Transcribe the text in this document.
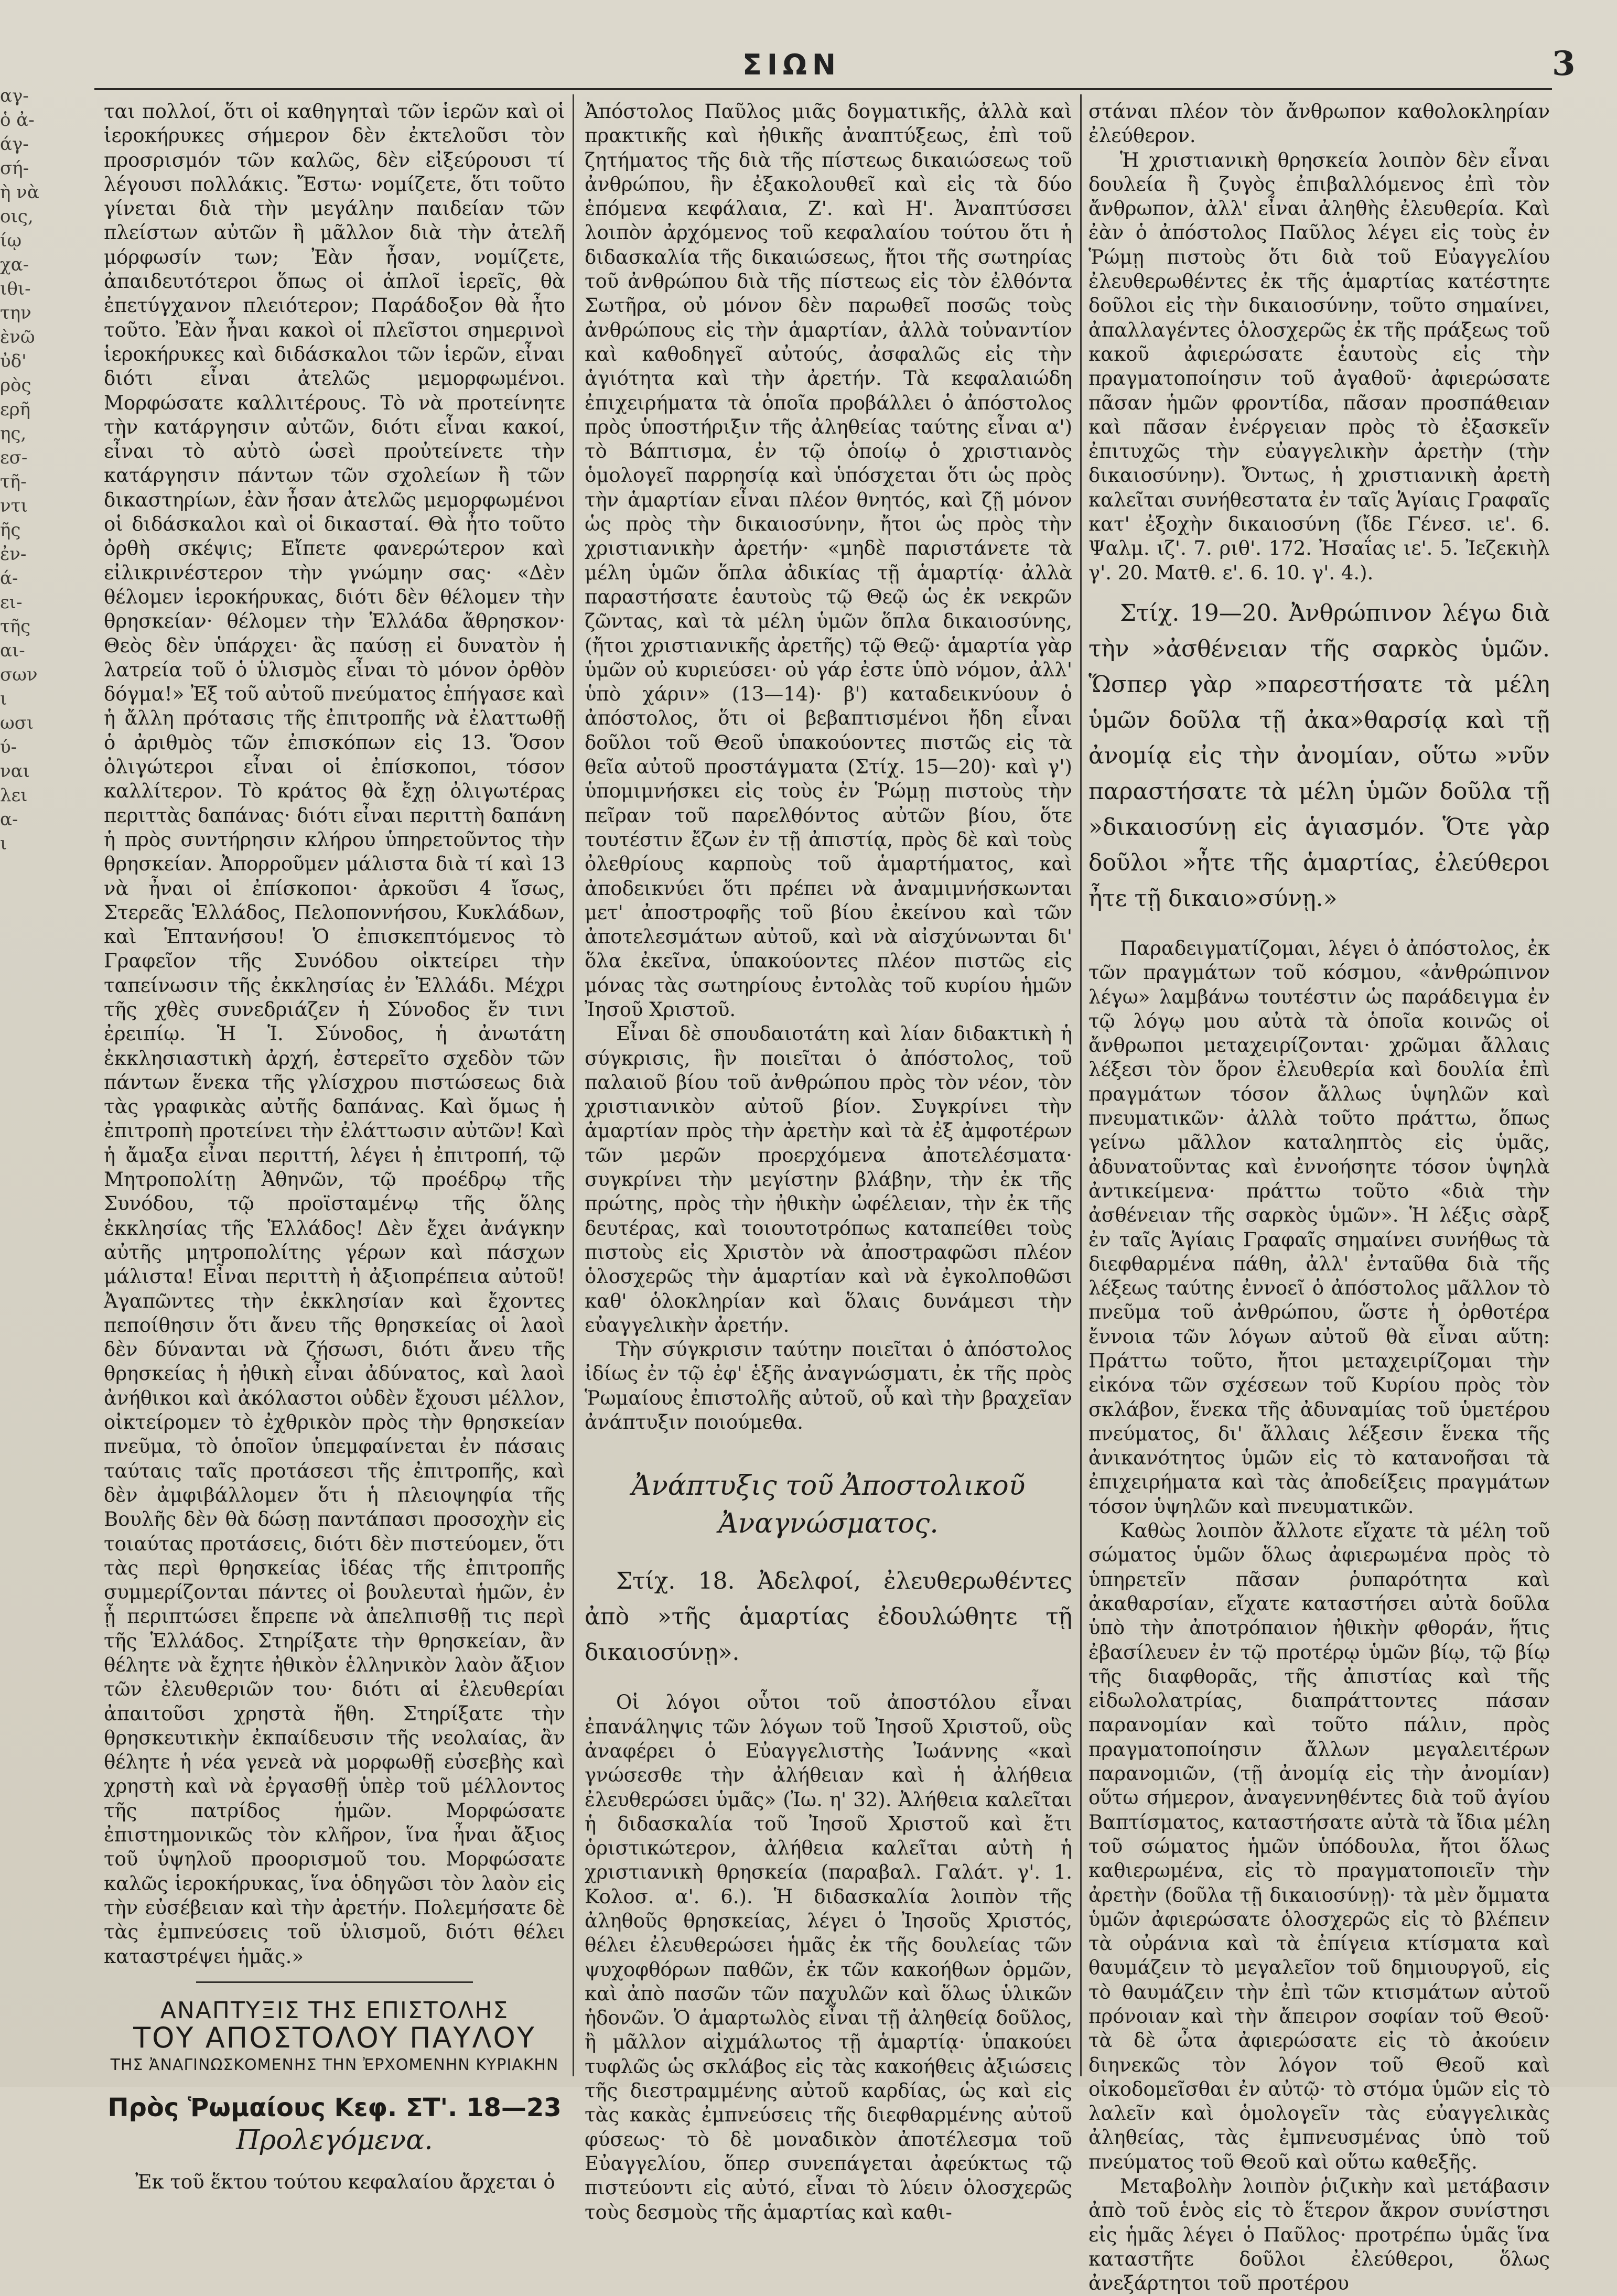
ΣΙΩΝ	3
αγ-
ὁ ἀ-
άγ-
σή-
ὴ νὰ
οις,
ίῳ
χα-
ιθι-
την
ὲνῶ
ὐδ'
ρὸς
ερῆ
ης,
εσ-
τῆ-
ντι
ῆς
ἐν-
ά-
ει-
τῆς
αι-
σων
ι
ωσι
ύ-
ναι
λει
α-
ι

ται πολλοί, ὅτι οἱ καθηγηταὶ τῶν ἱερῶν καὶ οἱ ἱεροκήρυκες σήμερον δὲν ἐκτελοῦσι τὸν προσρισμόν τῶν καλῶς, δὲν εἰξεύρουσι τί λέγουσι πολλάκις. Ἔστω· νομίζετε, ὅτι τοῦτο γίνεται διὰ τὴν μεγάλην παιδείαν τῶν πλείστων αὐτῶν ἢ μᾶλλον διὰ τὴν ἀτελῆ μόρφωσίν των; Ἐὰν ἦσαν, νομίζετε, ἀπαιδευτότεροι ὅπως οἱ ἁπλοῖ ἱερεῖς, θὰ ἐπετύγχανον πλειότερον; Παράδοξον θὰ ἦτο τοῦτο. Ἐὰν ἦναι κακοὶ οἱ πλεῖστοι σημερινοὶ ἱεροκήρυκες καὶ διδάσκαλοι τῶν ἱερῶν, εἶναι διότι εἶναι ἀτελῶς μεμορφωμένοι. Μορφώσατε καλλιτέρους. Τὸ νὰ προτείνητε τὴν κατάργησιν αὐτῶν, διότι εἶναι κακοί, εἶναι τὸ αὐτὸ ὡσεὶ προὐτείνετε τὴν κατάργησιν πάντων τῶν σχολείων ἢ τῶν δικαστηρίων, ἐὰν ἦσαν ἀτελῶς μεμορφωμένοι οἱ διδάσκαλοι καὶ οἱ δικασταί. Θὰ ἦτο τοῦτο ὀρθὴ σκέψις; Εἴπετε φανερώτερον καὶ εἰλικρινέστερον τὴν γνώμην σας· «Δὲν θέλομεν ἱεροκήρυκας, διότι δὲν θέλομεν τὴν θρησκείαν· θέλομεν τὴν Ἑλλάδα ἄθρησκον· Θεὸς δὲν ὑπάρχει· ἂς παύσῃ εἰ δυνατὸν ἡ λατρεία τοῦ ὁ ὑλισμὸς εἶναι τὸ μόνον ὀρθὸν δόγμα!» Ἐξ τοῦ αὐτοῦ πνεύματος ἐπήγασε καὶ ἡ ἄλλη πρότασις τῆς ἐπιτροπῆς νὰ ἐλαττωθῇ ὁ ἀριθμὸς τῶν ἐπισκόπων εἰς 13. Ὅσον ὀλιγώτεροι εἶναι οἱ ἐπίσκοποι, τόσον καλλίτερον. Τὸ κράτος θὰ ἔχῃ ὀλιγωτέρας περιττὰς δαπάνας· διότι εἶναι περιττὴ δαπάνη ἡ πρὸς συντήρησιν κλήρου ὑπηρετοῦντος τὴν θρησκείαν. Ἀπορροῦμεν μάλιστα διὰ τί καὶ 13 νὰ ἦναι οἱ ἐπίσκοποι· ἀρκοῦσι 4 ἴσως, Στερεᾶς Ἑλλάδος, Πελοποννήσου, Κυκλάδων, καὶ Ἑπτανήσου! Ὁ ἐπισκεπτόμενος τὸ Γραφεῖον τῆς Συνόδου οἰκτείρει τὴν ταπείνωσιν τῆς ἐκκλησίας ἐν Ἑλλάδι. Μέχρι τῆς χθὲς συνεδριάζεν ἡ Σύνοδος ἔν τινι ἐρειπίῳ. Ἡ Ἱ. Σύνοδος, ἡ ἀνωτάτη ἐκκλησιαστικὴ ἀρχή, ἐστερεῖτο σχεδὸν τῶν πάντων ἕνεκα τῆς γλίσχρου πιστώσεως διὰ τὰς γραφικὰς αὐτῆς δαπάνας. Καὶ ὅμως ἡ ἐπιτροπὴ προτείνει τὴν ἐλάττωσιν αὐτῶν! Καὶ ἡ ἄμαξα εἶναι περιττή, λέγει ἡ ἐπιτροπή, τῷ Μητροπολίτῃ Ἀθηνῶν, τῷ προέδρῳ τῆς Συνόδου, τῷ προϊσταμένῳ τῆς ὅλης ἐκκλησίας τῆς Ἑλλάδος! Δὲν ἔχει ἀνάγκην αὐτῆς μητροπολίτης γέρων καὶ πάσχων μάλιστα! Εἶναι περιττὴ ἡ ἀξιοπρέπεια αὐτοῦ! Ἀγαπῶντες τὴν ἐκκλησίαν καὶ ἔχοντες πεποίθησιν ὅτι ἄνευ τῆς θρησκείας οἱ λαοὶ δὲν δύνανται νὰ ζήσωσι, διότι ἄνευ τῆς θρησκείας ἡ ἠθικὴ εἶναι ἀδύνατος, καὶ λαοὶ ἀνήθικοι καὶ ἀκόλαστοι οὐδὲν ἔχουσι μέλλον, οἰκτείρομεν τὸ ἐχθρικὸν πρὸς τὴν θρησκείαν πνεῦμα, τὸ ὁποῖον ὑπεμφαίνεται ἐν πάσαις ταύταις ταῖς προτάσεσι τῆς ἐπιτροπῆς, καὶ δὲν ἀμφιβάλλομεν ὅτι ἡ πλειοψηφία τῆς Βουλῆς δὲν θὰ δώσῃ παντάπασι προσοχὴν εἰς τοιαύτας προτάσεις, διότι δὲν πιστεύομεν, ὅτι τὰς περὶ θρησκείας ἰδέας τῆς ἐπιτροπῆς συμμερίζονται πάντες οἱ βουλευταὶ ἡμῶν, ἐν ᾗ περιπτώσει ἔπρεπε νὰ ἀπελπισθῇ τις περὶ τῆς Ἑλλάδος. Στηρίξατε τὴν θρησκείαν, ἂν θέλητε νὰ ἔχητε ἠθικὸν ἑλληνικὸν λαὸν ἄξιον τῶν ἐλευθεριῶν του· διότι αἱ ἐλευθερίαι ἀπαιτοῦσι χρηστὰ ἤθη. Στηρίξατε τὴν θρησκευτικὴν ἐκπαίδευσιν τῆς νεολαίας, ἂν θέλητε ἡ νέα γενεὰ νὰ μορφωθῇ εὐσεβὴς καὶ χρηστὴ καὶ νὰ ἐργασθῇ ὑπὲρ τοῦ μέλλοντος τῆς πατρίδος ἡμῶν. Μορφώσατε ἐπιστημονικῶς τὸν κλῆρον, ἵνα ἦναι ἄξιος τοῦ ὑψηλοῦ προορισμοῦ του. Μορφώσατε καλῶς ἱεροκήρυκας, ἵνα ὁδηγῶσι τὸν λαὸν εἰς τὴν εὐσέβειαν καὶ τὴν ἀρετήν. Πολεμήσατε δὲ τὰς ἐμπνεύσεις τοῦ ὑλισμοῦ, διότι θέλει καταστρέψει ἡμᾶς.»

ΑΝΑΠΤΥΞΙΣ ΤΗΣ ΕΠΙΣΤΟΛΗΣ

ΤΟΥ ΑΠΟΣΤΟΛΟΥ ΠΑΥΛΟΥ

ΤΗΣ ἈΝΑΓΙΝΩΣΚΟΜΕΝΗΣ ΤΗΝ ἘΡΧΟΜΕΝΗΝ ΚΥΡΙΑΚΗΝ

Πρὸς Ῥωμαίους Κεφ. ΣΤ'. 18—23

Προλεγόμενα.

Ἐκ τοῦ ἕκτου τούτου κεφαλαίου ἄρχεται ὁ

Ἀπόστολος Παῦλος μιᾶς δογματικῆς, ἀλλὰ καὶ πρακτικῆς καὶ ἠθικῆς ἀναπτύξεως, ἐπὶ τοῦ ζητήματος τῆς διὰ τῆς πίστεως δικαιώσεως τοῦ ἀνθρώπου, ἣν ἐξακολουθεῖ καὶ εἰς τὰ δύο ἑπόμενα κεφάλαια, Ζ'. καὶ Η'. Ἀναπτύσσει λοιπὸν ἀρχόμενος τοῦ κεφαλαίου τούτου ὅτι ἡ διδασκαλία τῆς δικαιώσεως, ἤτοι τῆς σωτηρίας τοῦ ἀνθρώπου διὰ τῆς πίστεως εἰς τὸν ἐλθόντα Σωτῆρα, οὐ μόνον δὲν παρωθεῖ ποσῶς τοὺς ἀνθρώπους εἰς τὴν ἁμαρτίαν, ἀλλὰ τοὐναντίον καὶ καθοδηγεῖ αὐτούς, ἀσφαλῶς εἰς τὴν ἁγιότητα καὶ τὴν ἀρετήν. Τὰ κεφαλαιώδη ἐπιχειρήματα τὰ ὁποῖα προβάλλει ὁ ἀπόστολος πρὸς ὑποστήριξιν τῆς ἀληθείας ταύτης εἶναι α') τὸ Βάπτισμα, ἐν τῷ ὁποίῳ ὁ χριστιανὸς ὁμολογεῖ παρρησίᾳ καὶ ὑπόσχεται ὅτι ὡς πρὸς τὴν ἁμαρτίαν εἶναι πλέον θνητός, καὶ ζῇ μόνον ὡς πρὸς τὴν δικαιοσύνην, ἤτοι ὡς πρὸς τὴν χριστιανικὴν ἀρετήν· «μηδὲ παριστάνετε τὰ μέλη ὑμῶν ὅπλα ἀδικίας τῇ ἁμαρτίᾳ· ἀλλὰ παραστήσατε ἑαυτοὺς τῷ Θεῷ ὡς ἐκ νεκρῶν ζῶντας, καὶ τὰ μέλη ὑμῶν ὅπλα δικαιοσύνης, (ἤτοι χριστιανικῆς ἀρετῆς) τῷ Θεῷ· ἁμαρτία γὰρ ὑμῶν οὐ κυριεύσει· οὐ γάρ ἐστε ὑπὸ νόμον, ἀλλ' ὑπὸ χάριν» (13—14)· β') καταδεικνύουν ὁ ἀπόστολος, ὅτι οἱ βεβαπτισμένοι ἤδη εἶναι δοῦλοι τοῦ Θεοῦ ὑπακούοντες πιστῶς εἰς τὰ θεῖα αὐτοῦ προστάγματα (Στίχ. 15—20)· καὶ γ') ὑπομιμνήσκει εἰς τοὺς ἐν Ῥώμῃ πιστοὺς τὴν πεῖραν τοῦ παρελθόντος αὐτῶν βίου, ὅτε τουτέστιν ἔζων ἐν τῇ ἀπιστίᾳ, πρὸς δὲ καὶ τοὺς ὀλεθρίους καρποὺς τοῦ ἁμαρτήματος, καὶ ἀποδεικνύει ὅτι πρέπει νὰ ἀναμιμνήσκωνται μετ' ἀποστροφῆς τοῦ βίου ἐκείνου καὶ τῶν ἀποτελεσμάτων αὐτοῦ, καὶ νὰ αἰσχύνωνται δι' ὅλα ἐκεῖνα, ὑπακούοντες πλέον πιστῶς εἰς μόνας τὰς σωτηρίους ἐντολὰς τοῦ κυρίου ἡμῶν Ἰησοῦ Χριστοῦ.

Εἶναι δὲ σπουδαιοτάτη καὶ λίαν διδακτικὴ ἡ σύγκρισις, ἣν ποιεῖται ὁ ἀπόστολος, τοῦ παλαιοῦ βίου τοῦ ἀνθρώπου πρὸς τὸν νέον, τὸν χριστιανικὸν αὐτοῦ βίον. Συγκρίνει τὴν ἁμαρτίαν πρὸς τὴν ἀρετὴν καὶ τὰ ἐξ ἀμφοτέρων τῶν μερῶν προερχόμενα ἀποτελέσματα· συγκρίνει τὴν μεγίστην βλάβην, τὴν ἐκ τῆς πρώτης, πρὸς τὴν ἠθικὴν ὠφέλειαν, τὴν ἐκ τῆς δευτέρας, καὶ τοιουτοτρόπως καταπείθει τοὺς πιστοὺς εἰς Χριστὸν νὰ ἀποστραφῶσι πλέον ὁλοσχερῶς τὴν ἁμαρτίαν καὶ νὰ ἐγκολποθῶσι καθ' ὁλοκληρίαν καὶ ὅλαις δυνάμεσι τὴν εὐαγγελικὴν ἀρετήν.

Τὴν σύγκρισιν ταύτην ποιεῖται ὁ ἀπόστολος ἰδίως ἐν τῷ ἐφ' ἑξῆς ἀναγνώσματι, ἐκ τῆς πρὸς Ῥωμαίους ἐπιστολῆς αὐτοῦ, οὗ καὶ τὴν βραχεῖαν ἀνάπτυξιν ποιούμεθα.

Ἀνάπτυξις τοῦ Ἀποστολικοῦ Ἀναγνώσματος.

Στίχ. 18. Ἀδελφοί, ἐλευθερωθέντες ἀπὸ »τῆς ἁμαρτίας ἐδουλώθητε τῇ δικαιοσύνῃ».

Οἱ λόγοι οὗτοι τοῦ ἀποστόλου εἶναι ἐπανάληψις τῶν λόγων τοῦ Ἰησοῦ Χριστοῦ, οὓς ἀναφέρει ὁ Εὐαγγελιστὴς Ἰωάννης «καὶ γνώσεσθε τὴν ἀλήθειαν καὶ ἡ ἀλήθεια ἐλευθερώσει ὑμᾶς» (Ἰω. η' 32). Ἀλήθεια καλεῖται ἡ διδασκαλία τοῦ Ἰησοῦ Χριστοῦ καὶ ἔτι ὁριστικώτερον, ἀλήθεια καλεῖται αὐτὴ ἡ χριστιανικὴ θρησκεία (παραβαλ. Γαλάτ. γ'. 1. Κολοσ. α'. 6.). Ἡ διδασκαλία λοιπὸν τῆς ἀληθοῦς θρησκείας, λέγει ὁ Ἰησοῦς Χριστός, θέλει ἐλευθερώσει ἡμᾶς ἐκ τῆς δουλείας τῶν ψυχοφθόρων παθῶν, ἐκ τῶν κακοήθων ὁρμῶν, καὶ ἀπὸ πασῶν τῶν παχυλῶν καὶ ὅλως ὑλικῶν ἡδονῶν. Ὁ ἁμαρτωλὸς εἶναι τῇ ἀληθείᾳ δοῦλος, ἢ μᾶλλον αἰχμάλωτος τῇ ἁμαρτίᾳ· ὑπακούει τυφλῶς ὡς σκλάβος εἰς τὰς κακοήθεις ἀξιώσεις τῆς διεστραμμένης αὐτοῦ καρδίας, ὡς καὶ εἰς τὰς κακὰς ἐμπνεύσεις τῆς διεφθαρμένης αὐτοῦ φύσεως· τὸ δὲ μοναδικὸν ἀποτέλεσμα τοῦ Εὐαγγελίου, ὅπερ συνεπάγεται ἀφεύκτως τῷ πιστεύοντι εἰς αὐτό, εἶναι τὸ λύειν ὁλοσχερῶς τοὺς δεσμοὺς τῆς ἁμαρτίας καὶ καθι-

στάναι πλέον τὸν ἄνθρωπον καθολοκληρίαν ἐλεύθερον.

Ἡ χριστιανικὴ θρησκεία λοιπὸν δὲν εἶναι δουλεία ἢ ζυγὸς ἐπιβαλλόμενος ἐπὶ τὸν ἄνθρωπον, ἀλλ' εἶναι ἀληθὴς ἐλευθερία. Καὶ ἐὰν ὁ ἀπόστολος Παῦλος λέγει εἰς τοὺς ἐν Ῥώμῃ πιστοὺς ὅτι διὰ τοῦ Εὐαγγελίου ἐλευθερωθέντες ἐκ τῆς ἁμαρτίας κατέστητε δοῦλοι εἰς τὴν δικαιοσύνην, τοῦτο σημαίνει, ἀπαλλαγέντες ὁλοσχερῶς ἐκ τῆς πράξεως τοῦ κακοῦ ἀφιερώσατε ἑαυτοὺς εἰς τὴν πραγματοποίησιν τοῦ ἀγαθοῦ· ἀφιερώσατε πᾶσαν ἡμῶν φροντίδα, πᾶσαν προσπάθειαν καὶ πᾶσαν ἐνέργειαν πρὸς τὸ ἐξασκεῖν ἐπιτυχῶς τὴν εὐαγγελικὴν ἀρετὴν (τὴν δικαιοσύνην). Ὄντως, ἡ χριστιανικὴ ἀρετὴ καλεῖται συνήθεστατα ἐν ταῖς Ἁγίαις Γραφαῖς κατ' ἐξοχὴν δικαιοσύνη (ἴδε Γένεσ. ιε'. 6. Ψαλμ. ιζ'. 7. ριθ'. 172. Ἠσαΐας ιε'. 5. Ἰεζεκιὴλ γ'. 20. Ματθ. ε'. 6. 10. γ'. 4.).

Στίχ. 19—20. Ἀνθρώπινον λέγω διὰ τὴν »ἀσθένειαν τῆς σαρκὸς ὑμῶν. Ὥσπερ γὰρ »παρεστήσατε τὰ μέλη ὑμῶν δοῦλα τῇ ἀκα»θαρσίᾳ καὶ τῇ ἀνομίᾳ εἰς τὴν ἀνομίαν, οὕτω »νῦν παραστήσατε τὰ μέλη ὑμῶν δοῦλα τῇ »δικαιοσύνῃ εἰς ἁγιασμόν. Ὅτε γὰρ δοῦλοι »ἦτε τῆς ἁμαρτίας, ἐλεύθεροι ἦτε τῇ δικαιο»σύνῃ.»

Παραδειγματίζομαι, λέγει ὁ ἀπόστολος, ἐκ τῶν πραγμάτων τοῦ κόσμου, «ἀνθρώπινον λέγω» λαμβάνω τουτέστιν ὡς παράδειγμα ἐν τῷ λόγῳ μου αὐτὰ τὰ ὁποῖα κοινῶς οἱ ἄνθρωποι μεταχειρίζονται· χρῶμαι ἄλλαις λέξεσι τὸν ὅρον ἐλευθερία καὶ δουλία ἐπὶ πραγμάτων τόσον ἄλλως ὑψηλῶν καὶ πνευματικῶν· ἀλλὰ τοῦτο πράττω, ὅπως γείνω μᾶλλον καταληπτὸς εἰς ὑμᾶς, ἀδυνατοῦντας καὶ ἐννοήσητε τόσον ὑψηλὰ ἀντικείμενα· πράττω τοῦτο «διὰ τὴν ἀσθένειαν τῆς σαρκὸς ὑμῶν». Ἡ λέξις σὰρξ ἐν ταῖς Ἁγίαις Γραφαῖς σημαίνει συνήθως τὰ διεφθαρμένα πάθη, ἀλλ' ἐνταῦθα διὰ τῆς λέξεως ταύτης ἐννοεῖ ὁ ἀπόστολος μᾶλλον τὸ πνεῦμα τοῦ ἀνθρώπου, ὥστε ἡ ὀρθοτέρα ἔννοια τῶν λόγων αὐτοῦ θὰ εἶναι αὕτη: Πράττω τοῦτο, ἤτοι μεταχειρίζομαι τὴν εἰκόνα τῶν σχέσεων τοῦ Κυρίου πρὸς τὸν σκλάβον, ἕνεκα τῆς ἀδυναμίας τοῦ ὑμετέρου πνεύματος, δι' ἄλλαις λέξεσιν ἕνεκα τῆς ἀνικανότητος ὑμῶν εἰς τὸ κατανοῆσαι τὰ ἐπιχειρήματα καὶ τὰς ἀποδείξεις πραγμάτων τόσον ὑψηλῶν καὶ πνευματικῶν.

Καθὼς λοιπὸν ἄλλοτε εἴχατε τὰ μέλη τοῦ σώματος ὑμῶν ὅλως ἀφιερωμένα πρὸς τὸ ὑπηρετεῖν πᾶσαν ῥυπαρότητα καὶ ἀκαθαρσίαν, εἴχατε καταστήσει αὐτὰ δοῦλα ὑπὸ τὴν ἀποτρόπαιον ἠθικὴν φθοράν, ἥτις ἐβασίλευεν ἐν τῷ προτέρῳ ὑμῶν βίῳ, τῷ βίῳ τῆς διαφθορᾶς, τῆς ἀπιστίας καὶ τῆς εἰδωλολατρίας, διαπράττοντες πάσαν παρανομίαν καὶ τοῦτο πάλιν, πρὸς πραγματοποίησιν ἄλλων μεγαλειτέρων παρανομιῶν, (τῇ ἀνομίᾳ εἰς τὴν ἀνομίαν) οὕτω σήμερον, ἀναγεννηθέντες διὰ τοῦ ἁγίου Βαπτίσματος, καταστήσατε αὐτὰ τὰ ἴδια μέλη τοῦ σώματος ἡμῶν ὑπόδουλα, ἤτοι ὅλως καθιερωμένα, εἰς τὸ πραγματοποιεῖν τὴν ἀρετὴν (δοῦλα τῇ δικαιοσύνῃ)· τὰ μὲν ὄμματα ὑμῶν ἀφιερώσατε ὁλοσχερῶς εἰς τὸ βλέπειν τὰ οὐράνια καὶ τὰ ἐπίγεια κτίσματα καὶ θαυμάζειν τὸ μεγαλεῖον τοῦ δημιουργοῦ, εἰς τὸ θαυμάζειν τὴν ἐπὶ τῶν κτισμάτων αὐτοῦ πρόνοιαν καὶ τὴν ἄπειρον σοφίαν τοῦ Θεοῦ· τὰ δὲ ὦτα ἀφιερώσατε εἰς τὸ ἀκούειν διηνεκῶς τὸν λόγον τοῦ Θεοῦ καὶ οἰκοδομεῖσθαι ἐν αὐτῷ· τὸ στόμα ὑμῶν εἰς τὸ λαλεῖν καὶ ὁμολογεῖν τὰς εὐαγγελικὰς ἀληθείας, τὰς ἐμπνευσμένας ὑπὸ τοῦ πνεύματος τοῦ Θεοῦ καὶ οὕτω καθεξῆς.

Μεταβολὴν λοιπὸν ῥιζικὴν καὶ μετάβασιν ἀπὸ τοῦ ἑνὸς εἰς τὸ ἕτερον ἄκρον συνίστησι εἰς ἡμᾶς λέγει ὁ Παῦλος· προτρέπω ὑμᾶς ἵνα καταστῆτε δοῦλοι ἐλεύθεροι, ὅλως ἀνεξάρτητοι τοῦ προτέρου
